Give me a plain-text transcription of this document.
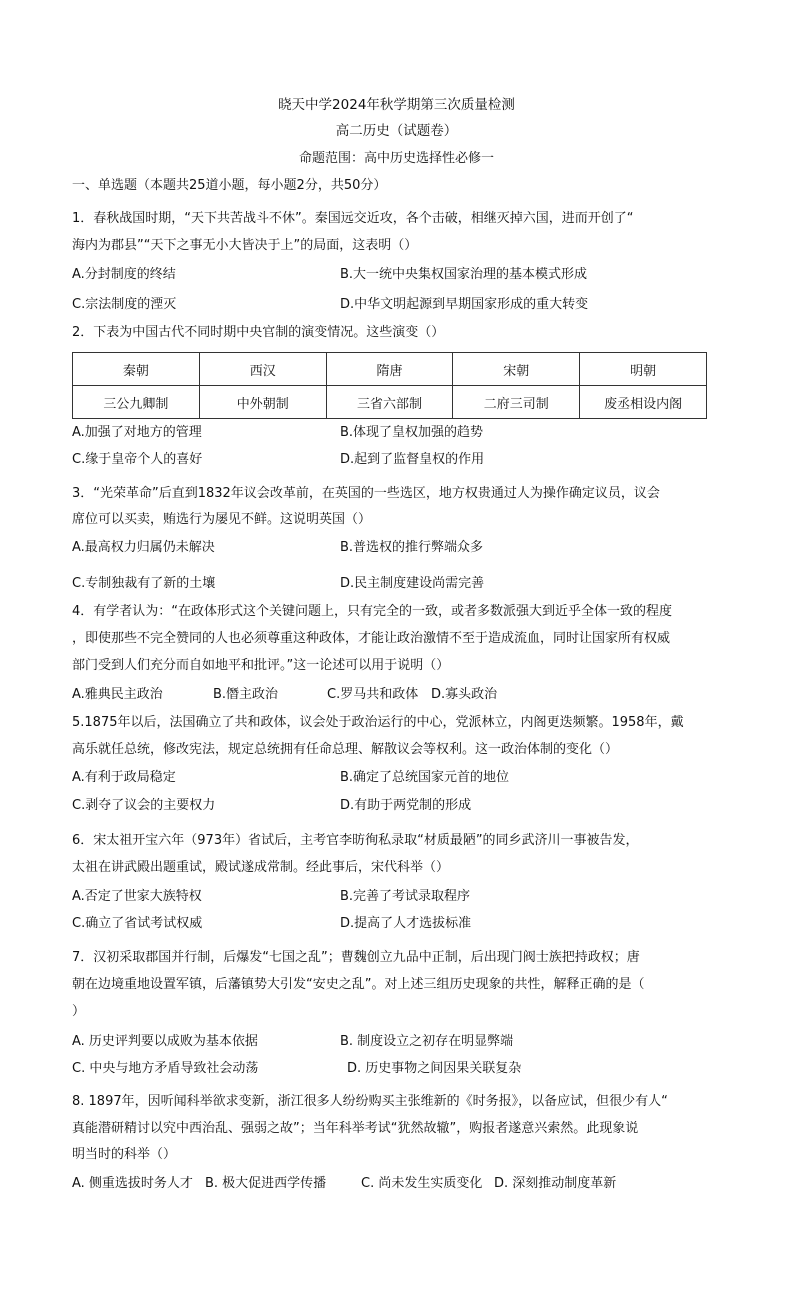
晓天中学2024年秋学期第三次质量检测
高二历史（试题卷）
命题范围：高中历史选择性必修一
一、单选题（本题共25道小题，每小题2分，共50分）
1．春秋战国时期，“天下共苦战斗不休”。秦国远交近攻，各个击破，相继灭掉六国，进而开创了“
海内为郡县”“天下之事无小大皆决于上”的局面，这表明（）
A.分封制度的终结	B.大一统中央集权国家治理的基本模式形成
C.宗法制度的湮灭	D.中华文明起源到早期国家形成的重大转变
2．下表为中国古代不同时期中央官制的演变情况。这些演变（）
秦朝	西汉	隋唐	宋朝	明朝
三公九卿制	中外朝制	三省六部制	二府三司制	废丞相设内阁
A.加强了对地方的管理	B.体现了皇权加强的趋势
C.缘于皇帝个人的喜好	D.起到了监督皇权的作用
3．“光荣革命”后直到1832年议会改革前，在英国的一些选区，地方权贵通过人为操作确定议员，议会
席位可以买卖，贿选行为屡见不鲜。这说明英国（）
A.最高权力归属仍未解决	B.普选权的推行弊端众多
C.专制独裁有了新的土壤	D.民主制度建设尚需完善
4．有学者认为：“在政体形式这个关键问题上，只有完全的一致，或者多数派强大到近乎全体一致的程度
，即使那些不完全赞同的人也必须尊重这种政体，才能让政治激情不至于造成流血，同时让国家所有权威
部门受到人们充分而自如地平和批评。”这一论述可以用于说明（）
A.雅典民主政治	B.僭主政治	C.罗马共和政体 D.寡头政治
5.1875年以后，法国确立了共和政体，议会处于政治运行的中心，党派林立，内阁更迭频繁。1958年，戴
高乐就任总统，修改宪法，规定总统拥有任命总理、解散议会等权利。这一政治体制的变化（）
A.有利于政局稳定	B.确定了总统国家元首的地位
C.剥夺了议会的主要权力	D.有助于两党制的形成
6．宋太祖开宝六年（973年）省试后，主考官李昉徇私录取“材质最陋”的同乡武济川一事被告发，
太祖在讲武殿出题重试，殿试遂成常制。经此事后，宋代科举（）
A.否定了世家大族特权	B.完善了考试录取程序
C.确立了省试考试权威	D.提高了人才选拔标准
7．汉初采取郡国并行制，后爆发“七国之乱”；曹魏创立九品中正制，后出现门阀士族把持政权；唐
朝在边境重地设置军镇，后藩镇势大引发“安史之乱”。对上述三组历史现象的共性，解释正确的是（
）
A. 历史评判要以成败为基本依据	B. 制度设立之初存在明显弊端
C. 中央与地方矛盾导致社会动荡	D. 历史事物之间因果关联复杂
8. 1897年，因听闻科举欲求变新，浙江很多人纷纷购买主张维新的《时务报》，以备应试，但很少有人“
真能潜研精讨以究中西治乱、强弱之故”；当年科举考试“犹然故辙”，购报者遂意兴索然。此现象说
明当时的科举（）
A. 侧重选拔时务人才 B. 极大促进西学传播	C. 尚未发生实质变化 D. 深刻推动制度革新
